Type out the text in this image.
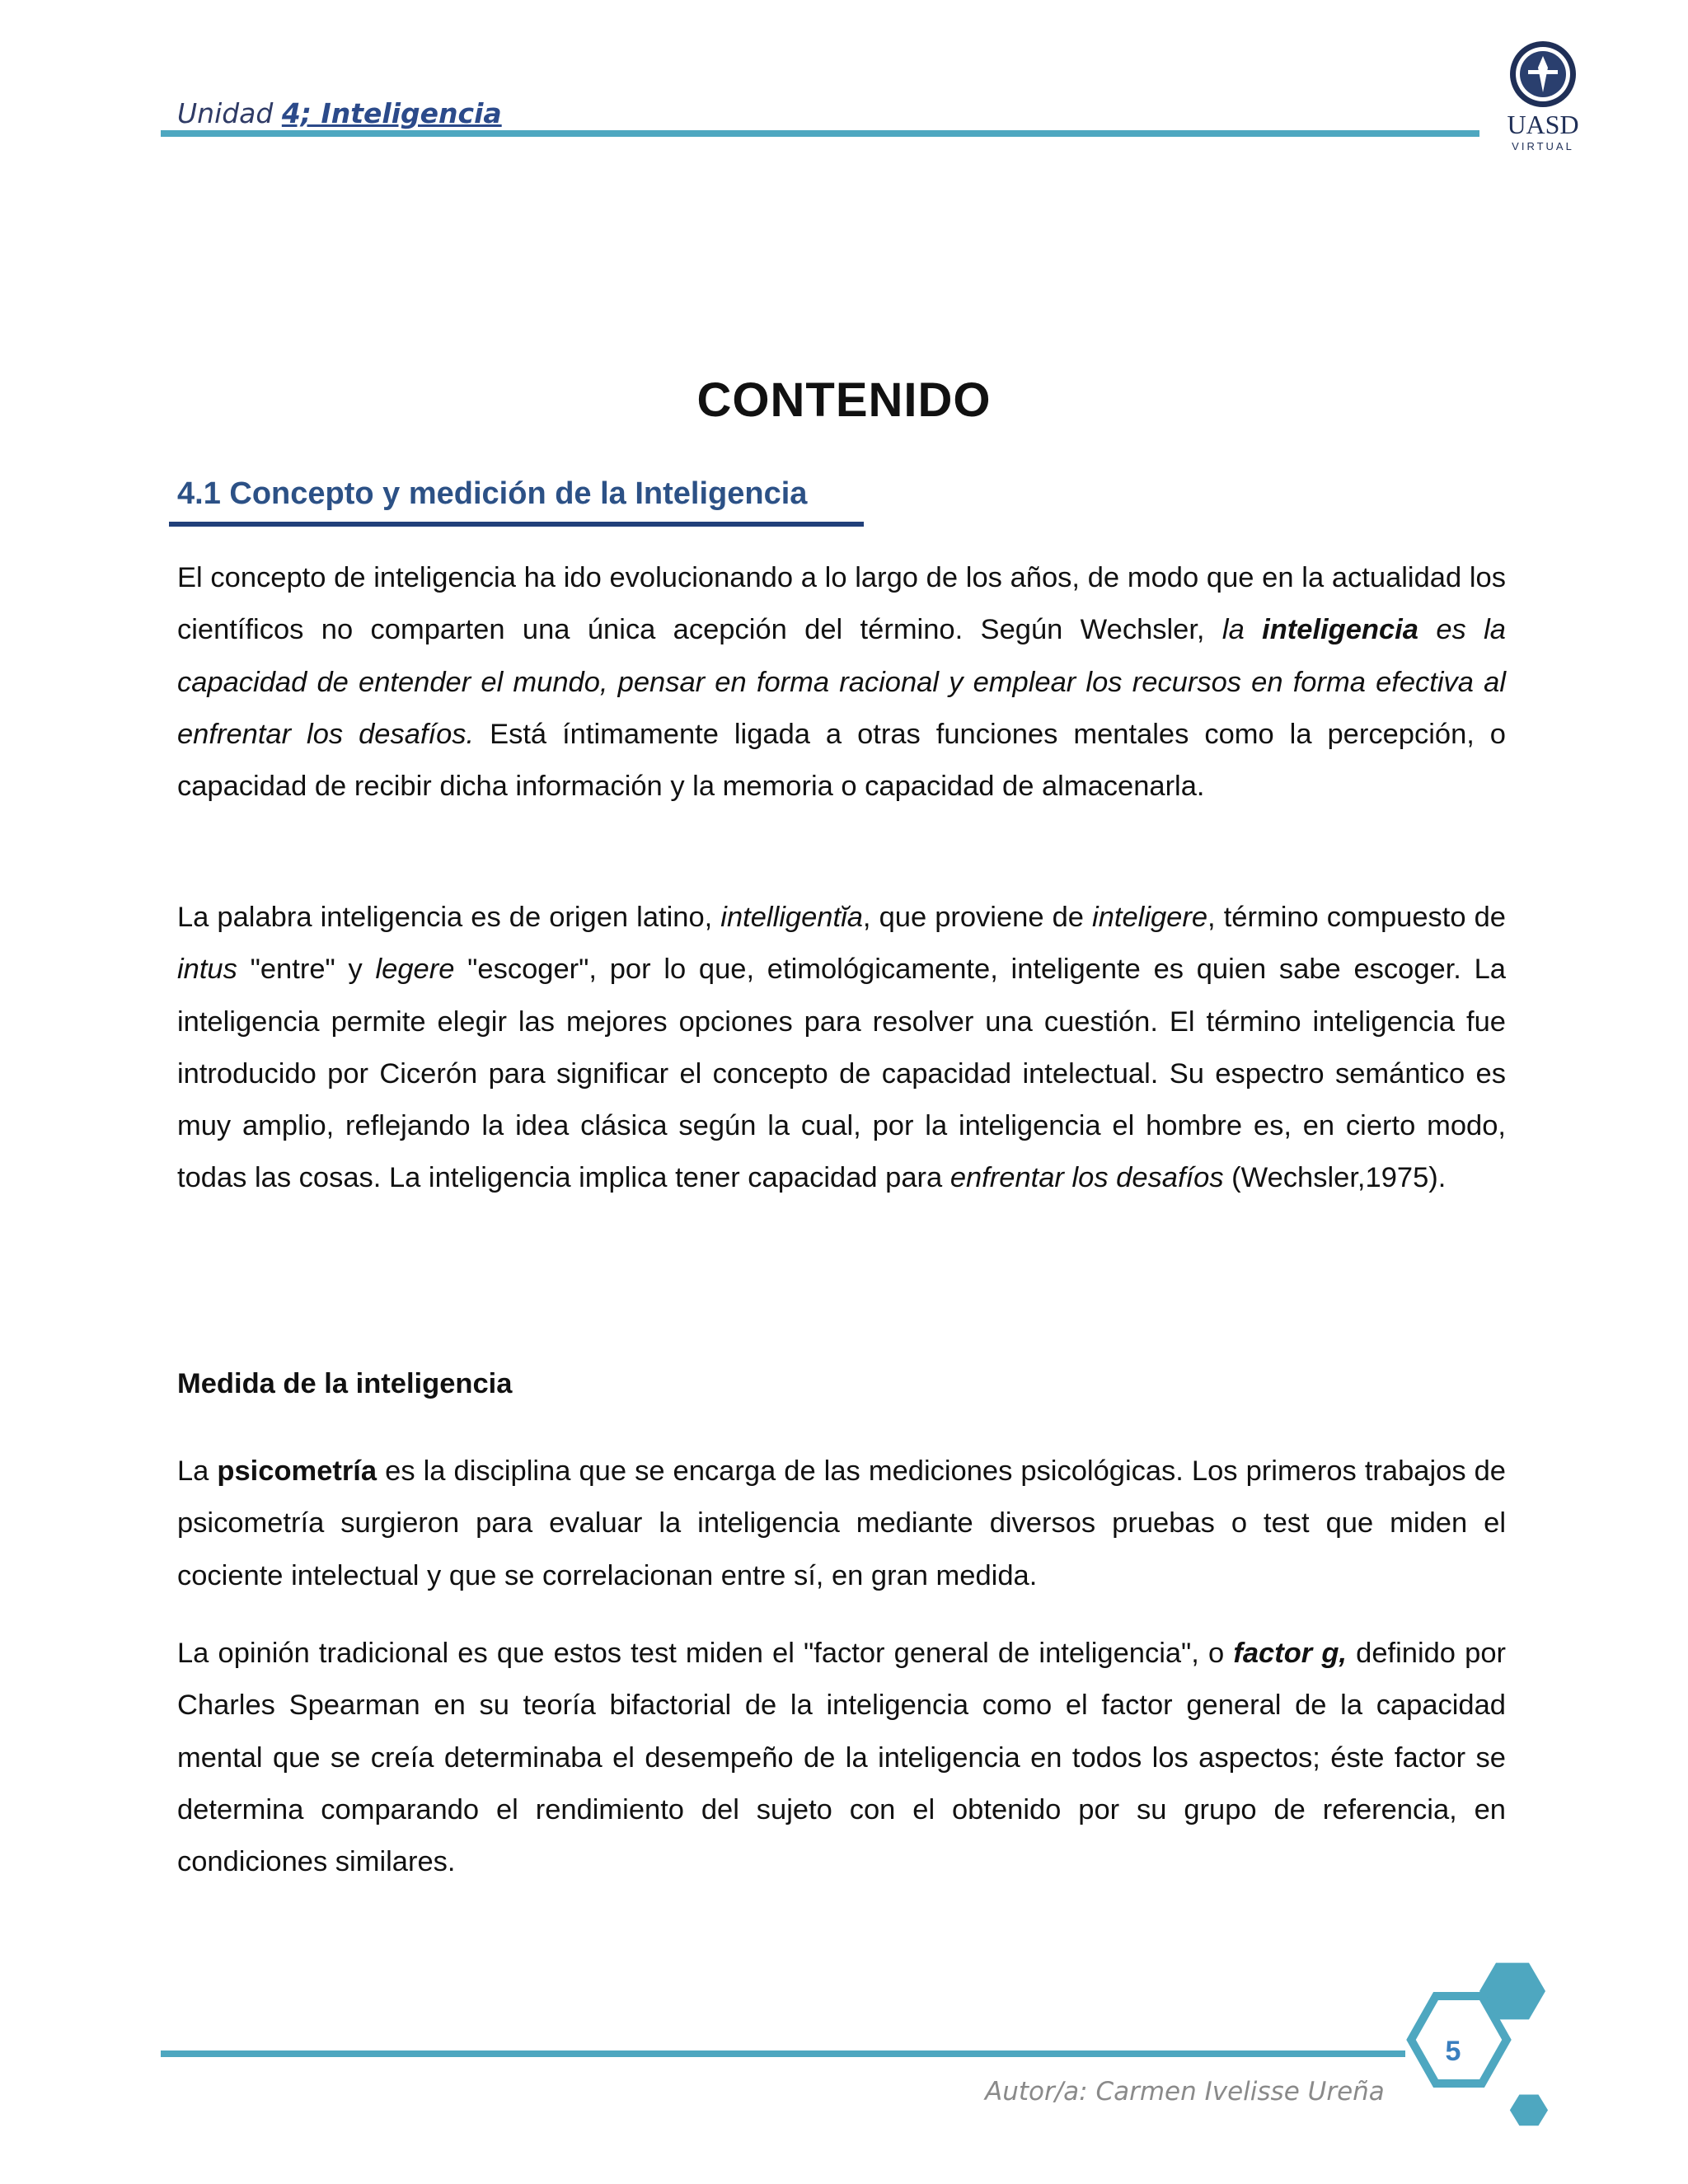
Unidad 4; Inteligencia	UASD
VIRTUAL
CONTENIDO
4.1 Concepto y medición de la Inteligencia

El concepto de inteligencia ha ido evolucionando a lo largo de los años, de modo que en la actualidad los científicos no comparten una única acepción del término. Según Wechsler, la inteligencia es la capacidad de entender el mundo, pensar en forma racional y emplear los recursos en forma efectiva al enfrentar los desafíos. Está íntimamente ligada a otras funciones mentales como la percepción, o capacidad de recibir dicha información y la memoria o capacidad de almacenarla.

La palabra inteligencia es de origen latino, intelligentĭa, que proviene de inteligere, término compuesto de intus "entre" y legere "escoger", por lo que, etimológicamente, inteligente es quien sabe escoger. La inteligencia permite elegir las mejores opciones para resolver una cuestión. El término inteligencia fue introducido por Cicerón para significar el concepto de capacidad intelectual. Su espectro semántico es muy amplio, reflejando la idea clásica según la cual, por la inteligencia el hombre es, en cierto modo, todas las cosas. La inteligencia implica tener capacidad para enfrentar los desafíos (Wechsler,1975).

Medida de la inteligencia

La psicometría es la disciplina que se encarga de las mediciones psicológicas. Los primeros trabajos de psicometría surgieron para evaluar la inteligencia mediante diversos pruebas o test que miden el cociente intelectual y que se correlacionan entre sí, en gran medida.

La opinión tradicional es que estos test miden el "factor general de inteligencia", o factor g, definido por Charles Spearman en su teoría bifactorial de la inteligencia como el factor general de la capacidad mental que se creía determinaba el desempeño de la inteligencia en todos los aspectos; éste factor se determina comparando el rendimiento del sujeto con el obtenido por su grupo de referencia, en condiciones similares.

5
Autor/a: Carmen Ivelisse Ureña
